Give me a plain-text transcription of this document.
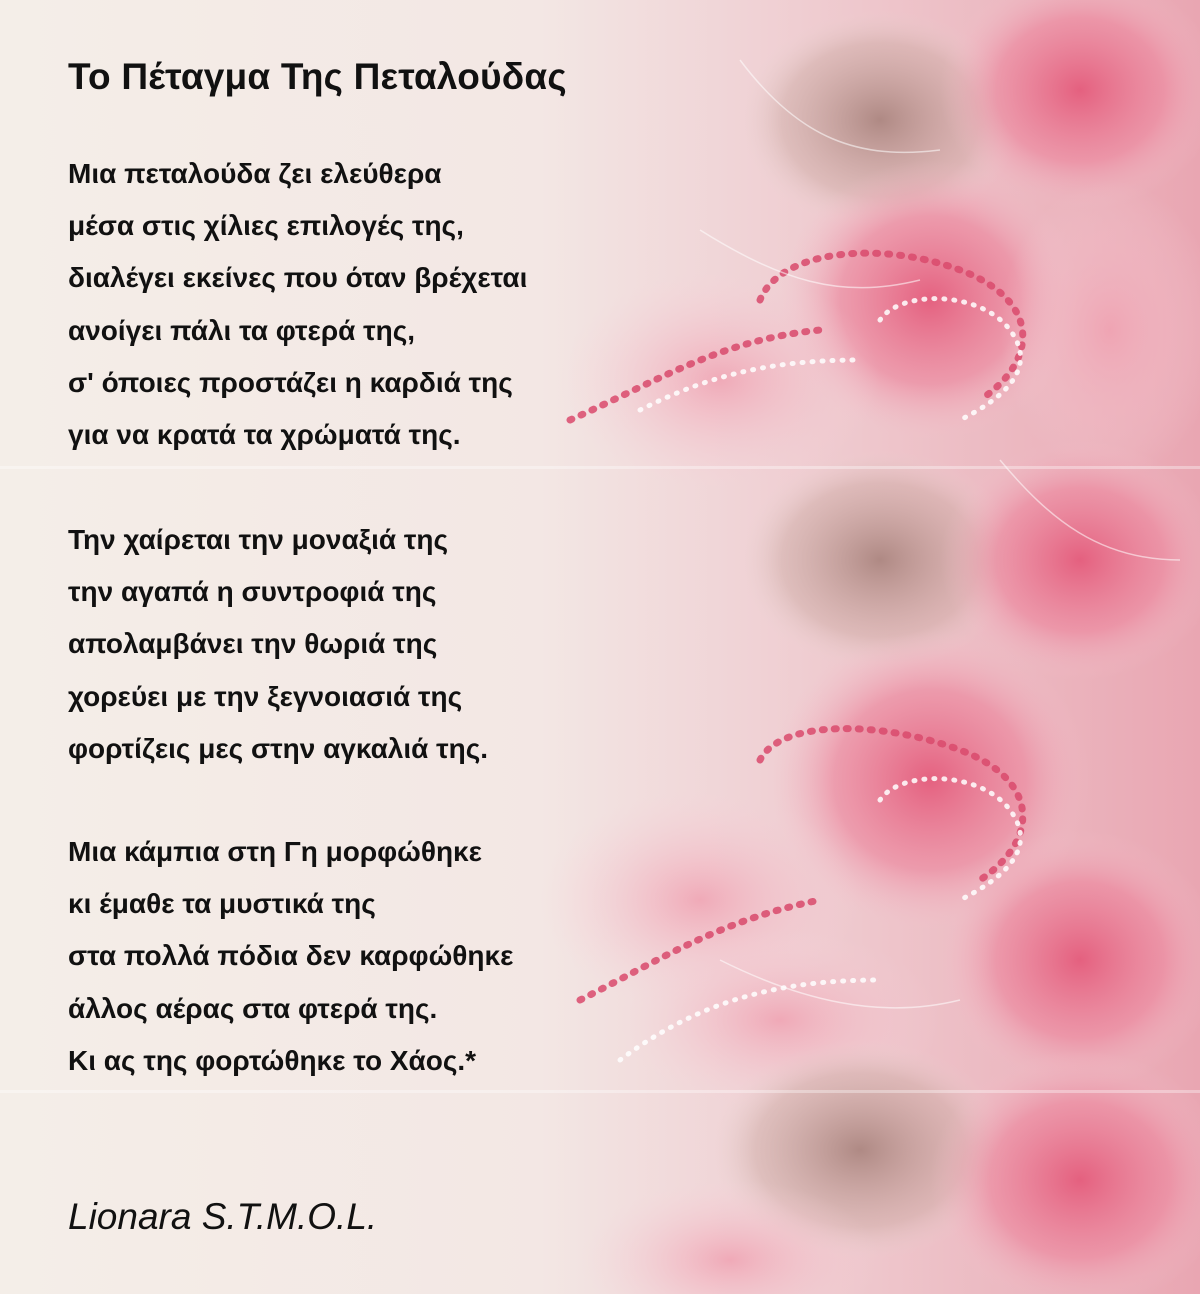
Το Πέταγμα Της Πεταλούδας
Μια πεταλούδα ζει ελεύθερα
μέσα στις χίλιες επιλογές της,
διαλέγει εκείνες που όταν βρέχεται
ανοίγει πάλι τα φτερά της,
σ' όποιες προστάζει η καρδιά της
για να κρατά τα χρώματά της.
Την χαίρεται την μοναξιά της
την αγαπά η συντροφιά της
απολαμβάνει την θωριά της
χορεύει με την ξεγνοιασιά της
φορτίζεις μες στην αγκαλιά της.
Μια κάμπια στη Γη μορφώθηκε
κι έμαθε τα μυστικά της
στα πολλά πόδια δεν καρφώθηκε
άλλος αέρας στα φτερά της.
Κι ας της φορτώθηκε το Χάος.*
Lionara S.T.M.O.L.
